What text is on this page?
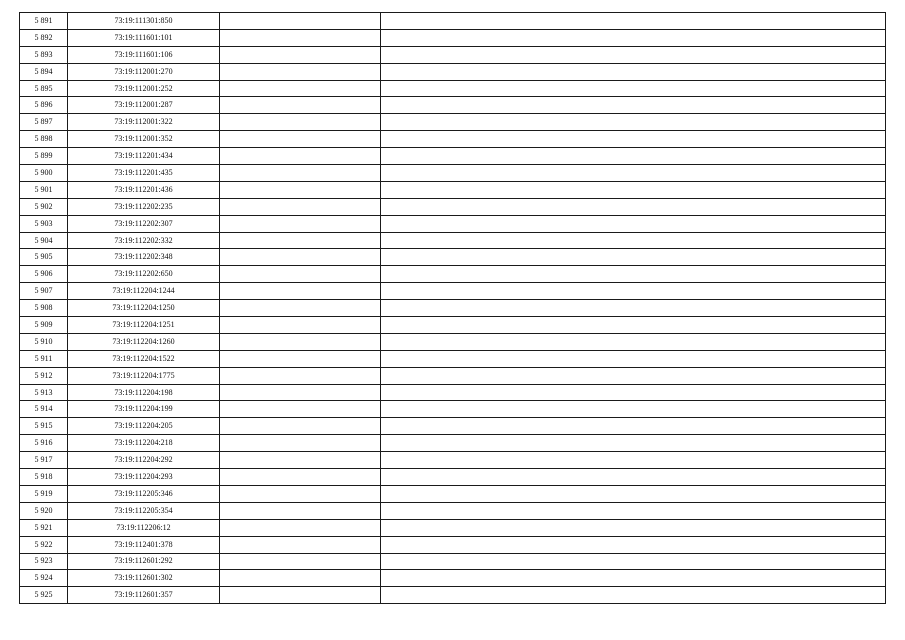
5 891	73:19:111301:850		
5 892	73:19:111601:101		
5 893	73:19:111601:106		
5 894	73:19:112001:270		
5 895	73:19:112001:252		
5 896	73:19:112001:287		
5 897	73:19:112001:322		
5 898	73:19:112001:352		
5 899	73:19:112201:434		
5 900	73:19:112201:435		
5 901	73:19:112201:436		
5 902	73:19:112202:235		
5 903	73:19:112202:307		
5 904	73:19:112202:332		
5 905	73:19:112202:348		
5 906	73:19:112202:650		
5 907	73:19:112204:1244		
5 908	73:19:112204:1250		
5 909	73:19:112204:1251		
5 910	73:19:112204:1260		
5 911	73:19:112204:1522		
5 912	73:19:112204:1775		
5 913	73:19:112204:198		
5 914	73:19:112204:199		
5 915	73:19:112204:205		
5 916	73:19:112204:218		
5 917	73:19:112204:292		
5 918	73:19:112204:293		
5 919	73:19:112205:346		
5 920	73:19:112205:354		
5 921	73:19:112206:12		
5 922	73:19:112401:378		
5 923	73:19:112601:292		
5 924	73:19:112601:302		
5 925	73:19:112601:357		
